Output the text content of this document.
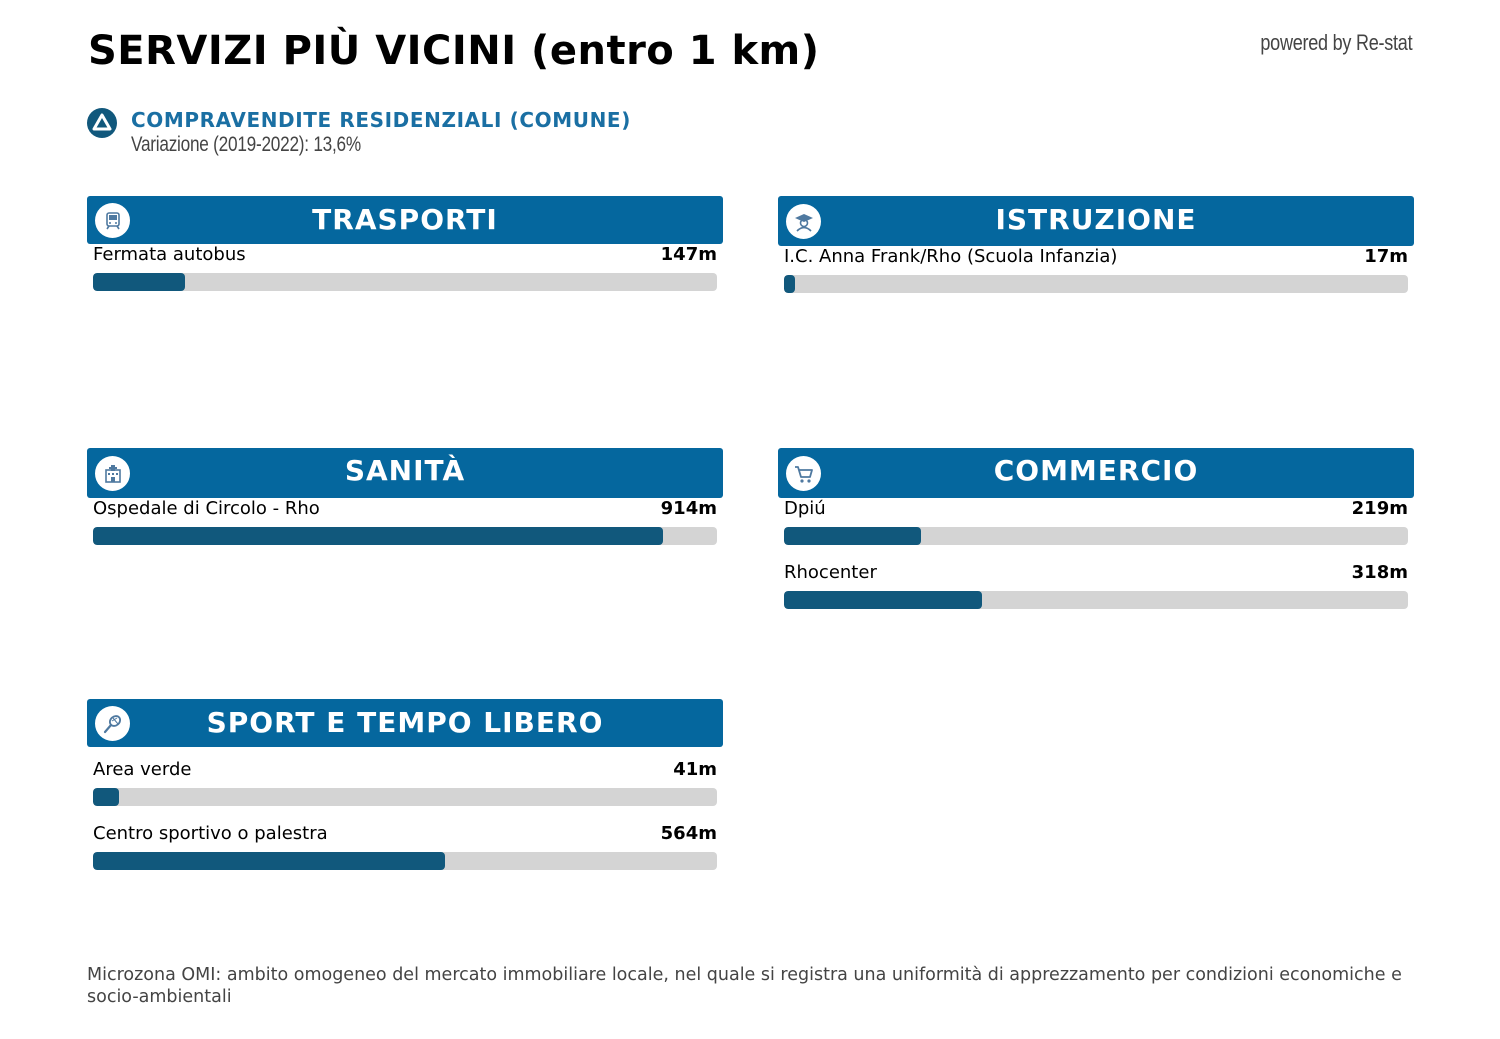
SERVIZI PIÙ VICINI (entro 1 km)	powered by Re-stat
COMPRAVENDITE RESIDENZIALI (COMUNE)
Variazione (2019-2022): 13,6%
TRASPORTI
Fermata autobus	147m
ISTRUZIONE
I.C. Anna Frank/Rho (Scuola Infanzia)	17m
SANITÀ
Ospedale di Circolo - Rho	914m
COMMERCIO
Dpiú	219m
Rhocenter	318m
SPORT E TEMPO LIBERO
Area verde	41m
Centro sportivo o palestra	564m
Microzona OMI: ambito omogeneo del mercato immobiliare locale, nel quale si registra una uniformità di apprezzamento per condizioni economiche e socio-ambientali
